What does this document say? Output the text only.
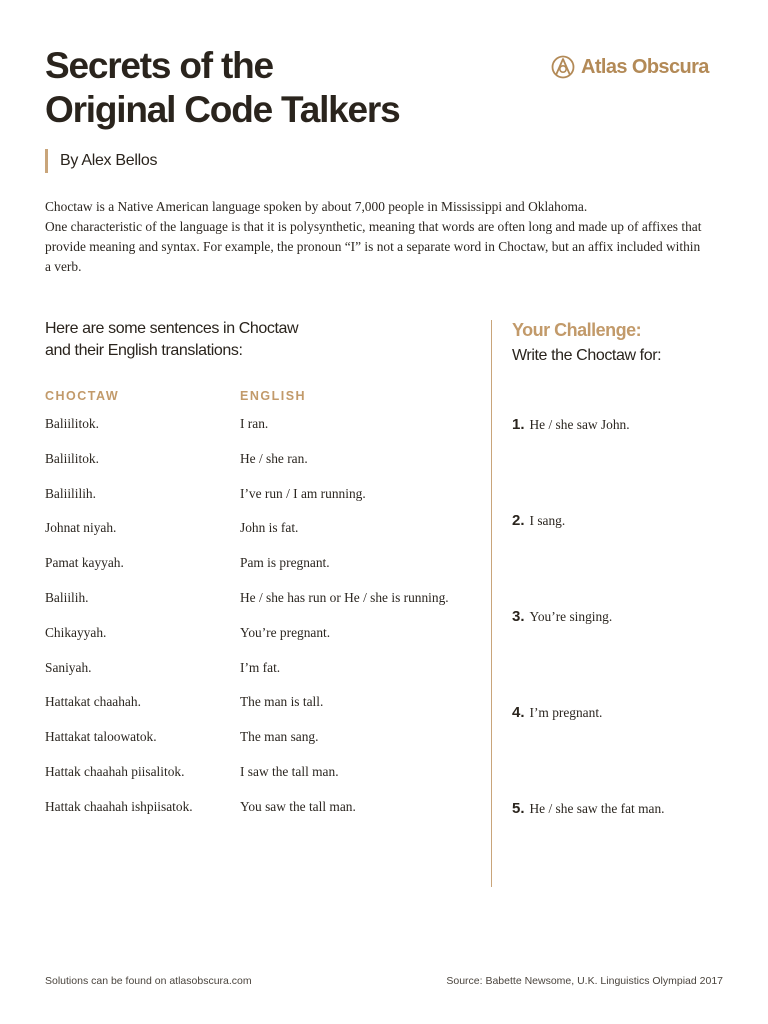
Secrets of the
Original Code Talkers
Atlas Obscura
By Alex Bellos

Choctaw is a Native American language spoken by about 7,000 people in Mississippi and Oklahoma.

One characteristic of the language is that it is polysynthetic, meaning that words are often long and made up of affixes that provide meaning and syntax. For example, the pronoun “I” is not a separate word in Choctaw, but an affix included within a verb.

Here are some sentences in Choctaw
and their English translations:
CHOCTAW	ENGLISH
Baliilitok.	I ran.
Baliilitok.	He / she ran.
Baliililih.	I’ve run / I am running.
Johnat niyah.	John is fat.
Pamat kayyah.	Pam is pregnant.
Baliilih.	He / she has run or He / she is running.
Chikayyah.	You’re pregnant.
Saniyah.	I’m fat.
Hattakat chaahah.	The man is tall.
Hattakat taloowatok.	The man sang.
Hattak chaahah piisalitok.	I saw the tall man.
Hattak chaahah ishpiisatok.	You saw the tall man.
Your Challenge:
Write the Choctaw for:
1. He / she saw John.
2. I sang.
3. You’re singing.
4. I’m pregnant.
5. He / she saw the fat man.
Solutions can be found on atlasobscura.com	Source: Babette Newsome, U.K. Linguistics Olympiad 2017
